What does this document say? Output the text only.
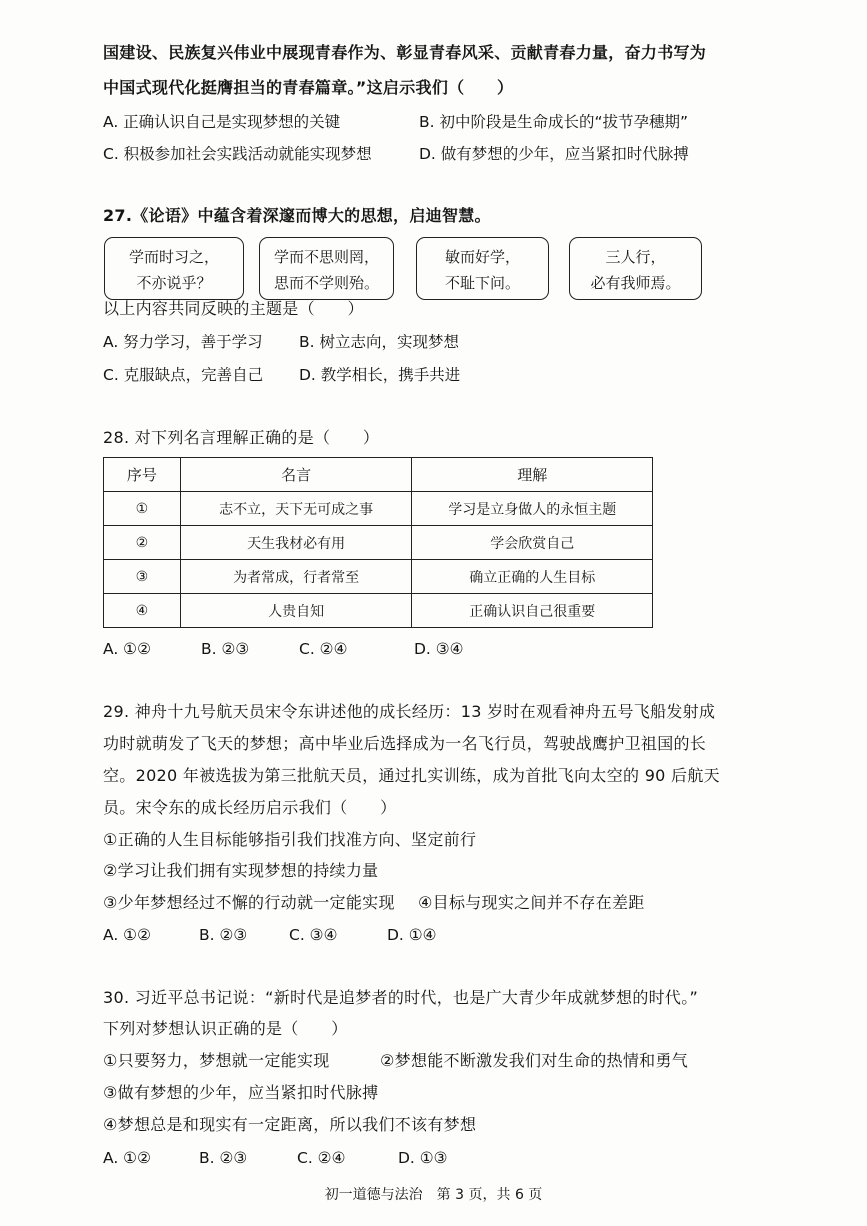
国建设、民族复兴伟业中展现青春作为、彰显青春风采、贡献青春力量，奋力书写为
中国式现代化挺膺担当的青春篇章。”这启示我们（　　）
A. 正确认识自己是实现梦想的关键	B. 初中阶段是生命成长的“拔节孕穗期”
C. 积极参加社会实践活动就能实现梦想	D. 做有梦想的少年，应当紧扣时代脉搏
27.《论语》中蕴含着深邃而博大的思想，启迪智慧。
学而时习之，
不亦说乎？
学而不思则罔，
思而不学则殆。
敏而好学，
不耻下问。
三人行，
必有我师焉。
以上内容共同反映的主题是（　　）
A. 努力学习，善于学习 B. 树立志向，实现梦想
C. 克服缺点，完善自己 D. 教学相长，携手共进
28. 对下列名言理解正确的是（　　）
序号	名言	理解
①	志不立，天下无可成之事	学习是立身做人的永恒主题
②	天生我材必有用	学会欣赏自己
③	为者常成，行者常至	确立正确的人生目标
④	人贵自知	正确认识自己很重要
A. ①②	B. ②③	C. ②④	D. ③④
29. 神舟十九号航天员宋令东讲述他的成长经历：13 岁时在观看神舟五号飞船发射成
功时就萌发了飞天的梦想；高中毕业后选择成为一名飞行员，驾驶战鹰护卫祖国的长
空。2020 年被选拔为第三批航天员，通过扎实训练，成为首批飞向太空的 90 后航天
员。宋令东的成长经历启示我们（　　）
①正确的人生目标能够指引我们找准方向、坚定前行
②学习让我们拥有实现梦想的持续力量
③少年梦想经过不懈的行动就一定能实现 ④目标与现实之间并不存在差距
A. ①②	B. ②③	C. ③④	D. ①④
30. 习近平总书记说：“新时代是追梦者的时代，也是广大青少年成就梦想的时代。”
下列对梦想认识正确的是（　　）
①只要努力，梦想就一定能实现	②梦想能不断激发我们对生命的热情和勇气
③做有梦想的少年，应当紧扣时代脉搏
④梦想总是和现实有一定距离，所以我们不该有梦想
A. ①②	B. ②③	C. ②④	D. ①③
初一道德与法治　第 3 页，共 6 页
